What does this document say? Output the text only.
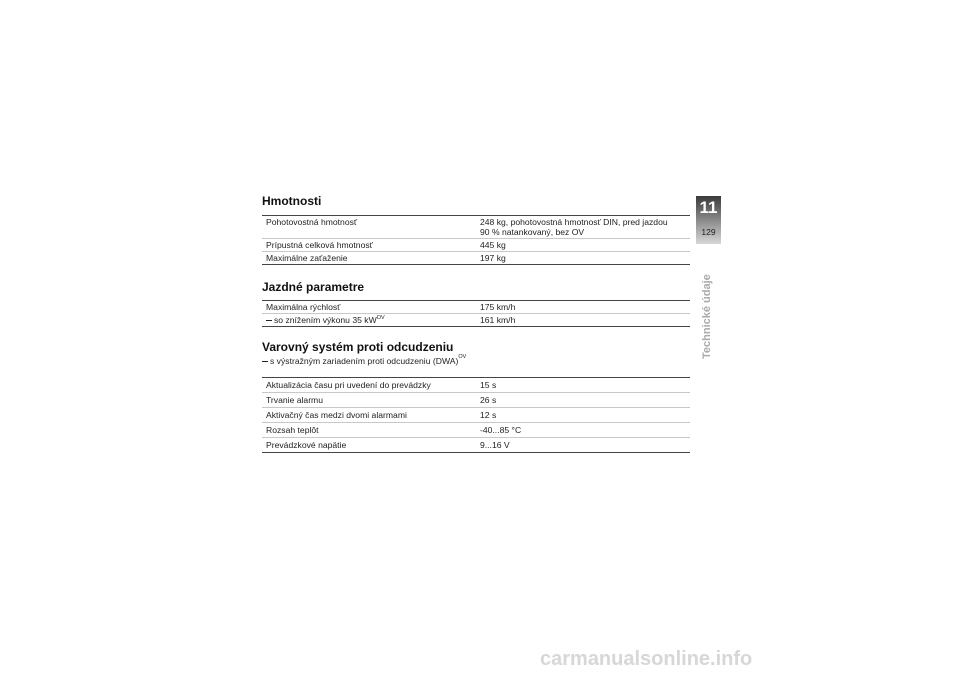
Hmotnosti
Pohotovostná hmotnosť	248 kg, pohotovostná hmotnosť DIN, pred jazdou
90 % natankovaný, bez OV
Prípustná celková hmotnosť	445 kg
Maximálne zaťaženie	197 kg
Jazdné parametre
Maximálna rýchlosť	175 km/h
so znížením výkonu 35 $kW^{OV}$	161 km/h
Varovný systém proti odcudzeniu
s výstražným zariadením proti odcudzeniu (DWA)$^{OV}$
Aktualizácia času pri uvedení do prevádzky	15 s
Trvanie alarmu	26 s
Aktivačný čas medzi dvomi alarmami	12 s
Rozsah teplôt	-40...85 °C
Prevádzkové napätie	9...16 V
11
129
Technické údaje
carmanualsonline.info
